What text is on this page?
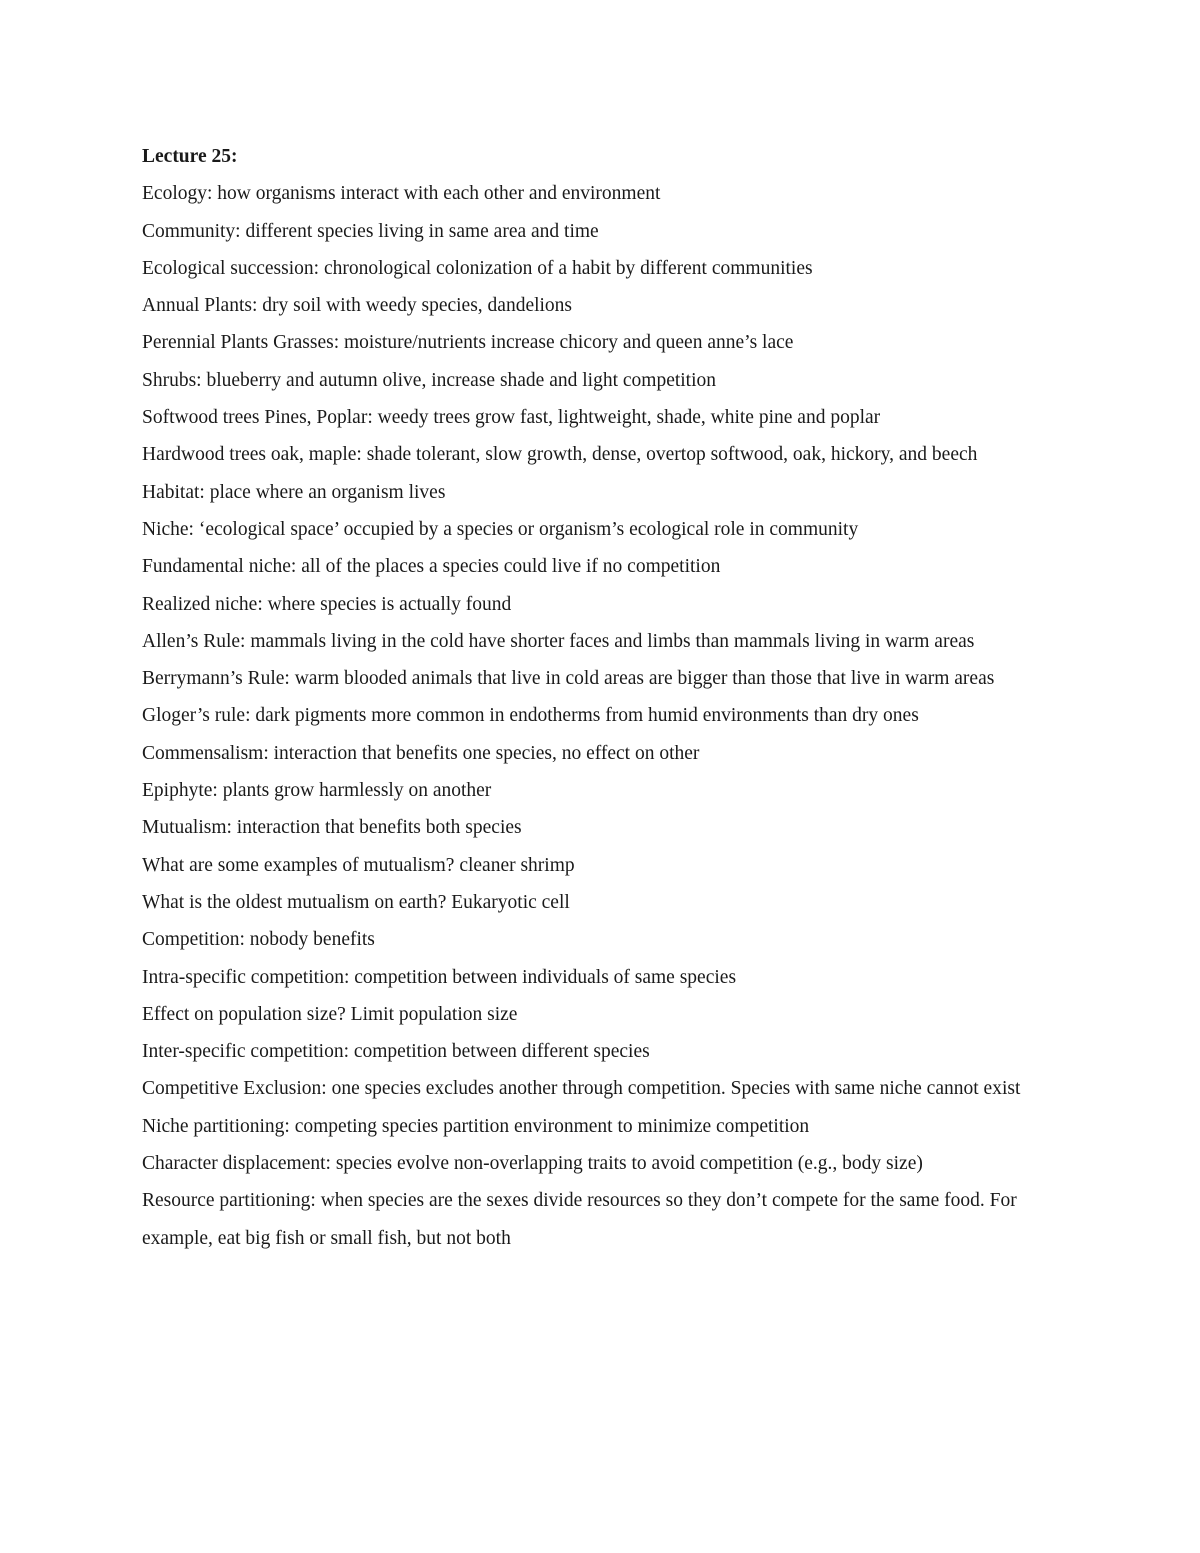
Lecture 25:

Ecology: how organisms interact with each other and environment

Community: different species living in same area and time

Ecological succession: chronological colonization of a habit by different communities

Annual Plants: dry soil with weedy species, dandelions

Perennial Plants Grasses: moisture/nutrients increase chicory and queen anne’s lace

Shrubs: blueberry and autumn olive, increase shade and light competition

Softwood trees Pines, Poplar: weedy trees grow fast, lightweight, shade, white pine and poplar

Hardwood trees oak, maple: shade tolerant, slow growth, dense, overtop softwood, oak, hickory, and beech

Habitat: place where an organism lives

Niche: ‘ecological space’ occupied by a species or organism’s ecological role in community

Fundamental niche: all of the places a species could live if no competition

Realized niche: where species is actually found

Allen’s Rule: mammals living in the cold have shorter faces and limbs than mammals living in warm areas

Berrymann’s Rule: warm blooded animals that live in cold areas are bigger than those that live in warm areas

Gloger’s rule: dark pigments more common in endotherms from humid environments than dry ones

Commensalism: interaction that benefits one species, no effect on other

Epiphyte: plants grow harmlessly on another

Mutualism: interaction that benefits both species

What are some examples of mutualism? cleaner shrimp

What is the oldest mutualism on earth? Eukaryotic cell

Competition: nobody benefits

Intra-specific competition: competition between individuals of same species

Effect on population size? Limit population size

Inter-specific competition: competition between different species

Competitive Exclusion: one species excludes another through competition. Species with same niche cannot exist

Niche partitioning: competing species partition environment to minimize competition

Character displacement: species evolve non-overlapping traits to avoid competition (e.g., body size)

Resource partitioning: when species are the sexes divide resources so they don’t compete for the same food. For example, eat big fish or small fish, but not both
